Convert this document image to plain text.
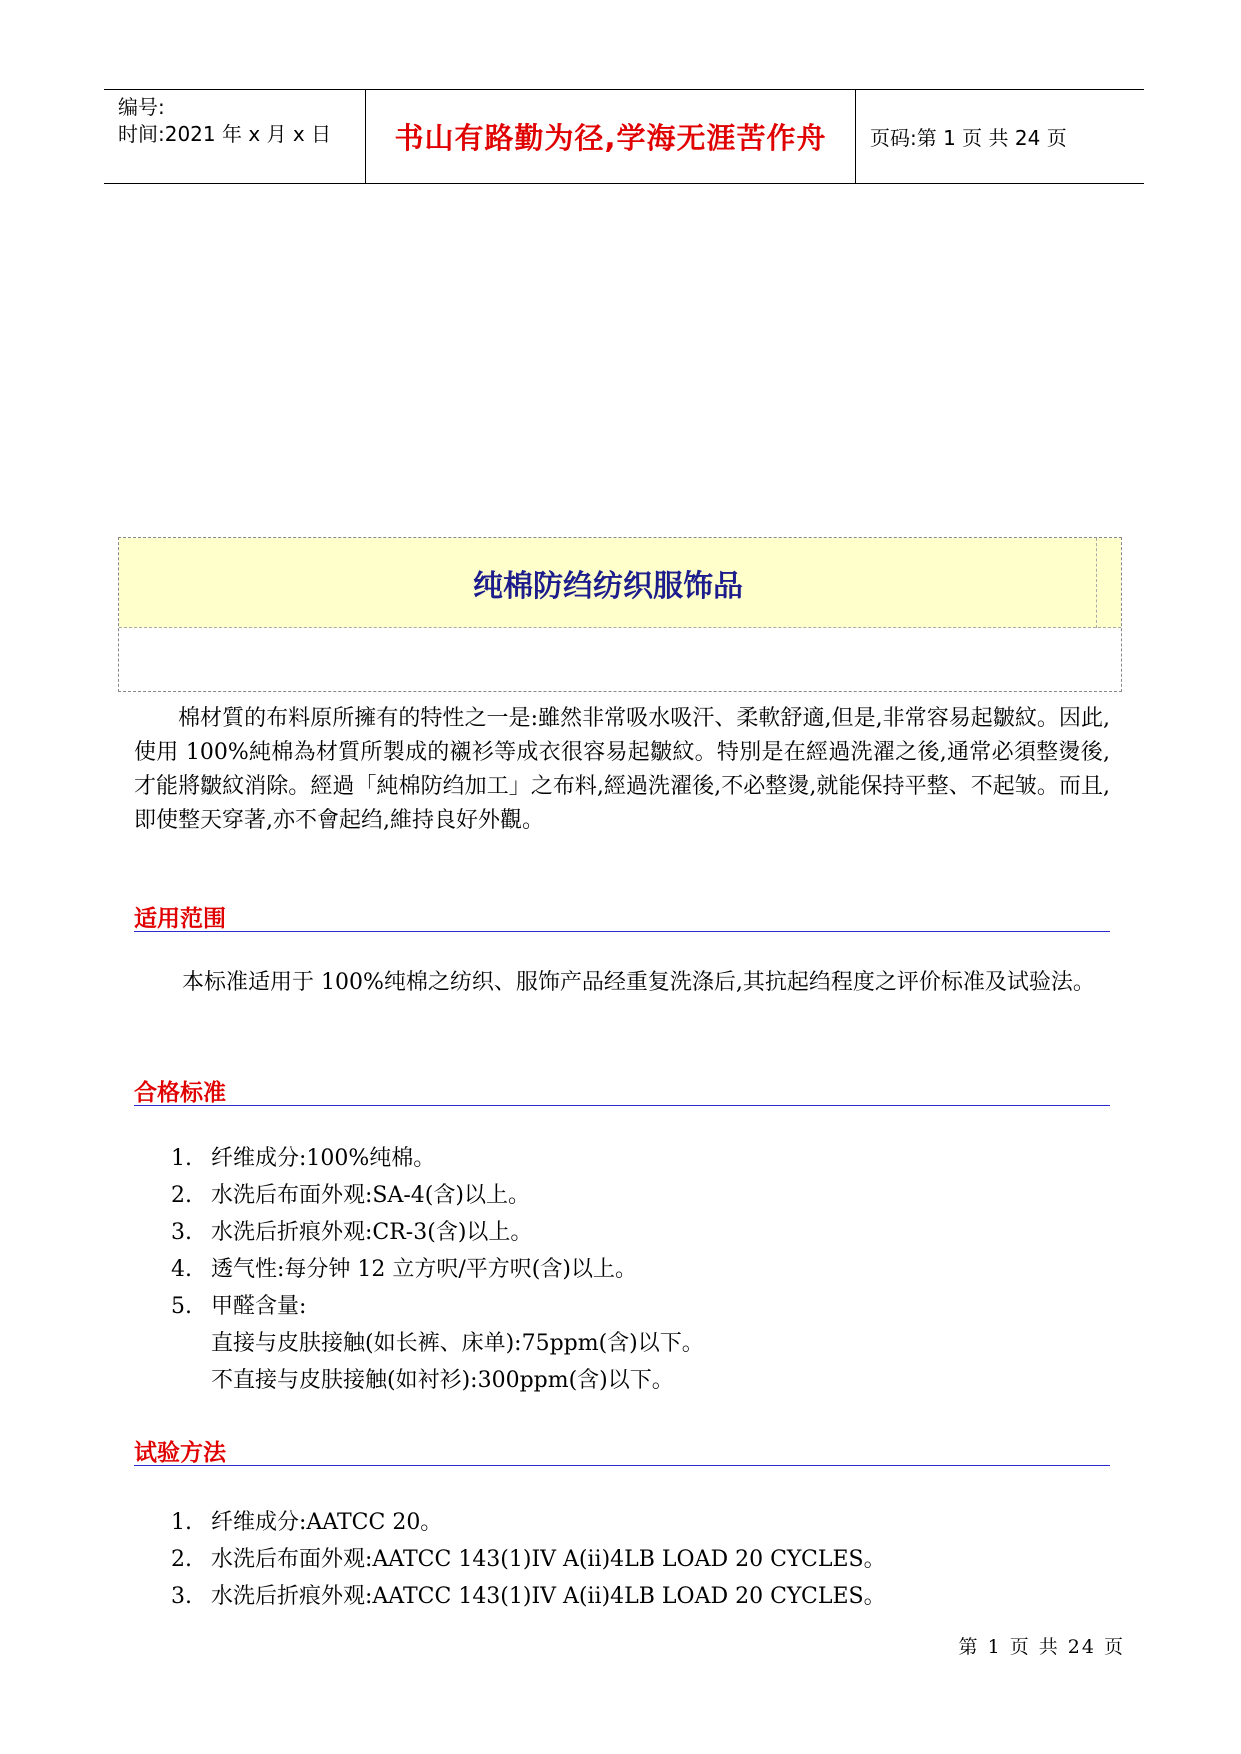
编号:
时间:2021 年 x 月 x 日	书山有路勤为径,学海无涯苦作舟	页码:第 1 页 共 24 页
纯棉防绉纺织服饰品

棉材質的布料原所擁有的特性之一是:雖然非常吸水吸汗、柔軟舒適,但是,非常容易起皺紋。因此,使用 100%純棉為材質所製成的襯衫等成衣很容易起皺紋。特別是在經過洗濯之後,通常必須整燙後,才能將皺紋消除。經過「純棉防绉加工」之布料,經過洗濯後,不必整燙,就能保持平整、不起皱。而且,即使整天穿著,亦不會起绉,維持良好外觀。

适用范围

本标准适用于 100%纯棉之纺织、服饰产品经重复洗涤后,其抗起绉程度之评价标准及试验法。

合格标准
1. 纤维成分:100%纯棉。
2. 水洗后布面外观:SA-4(含)以上。
3. 水洗后折痕外观:CR-3(含)以上。
4. 透气性:每分钟 12 立方呎/平方呎(含)以上。
5. 甲醛含量:
直接与皮肤接触(如长裤、床单):75ppm(含)以下。
不直接与皮肤接触(如衬衫):300ppm(含)以下。
试验方法
1. 纤维成分:AATCC 20。
2. 水洗后布面外观:AATCC 143(1)IV A(ii)4LB LOAD 20 CYCLES。
3. 水洗后折痕外观:AATCC 143(1)IV A(ii)4LB LOAD 20 CYCLES。
第 1 页 共 24 页
